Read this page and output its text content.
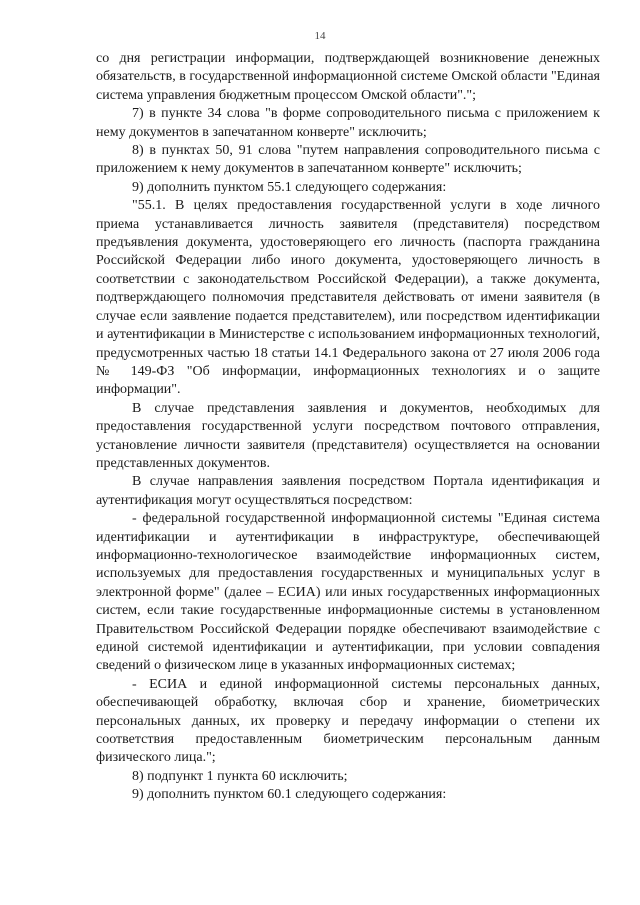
14

со дня регистрации информации, подтверждающей возникновение денежных обязательств, в государственной информационной системе Омской области "Единая система управления бюджетным процессом Омской области".";

7) в пункте 34 слова "в форме сопроводительного письма с приложением к нему документов в запечатанном конверте" исключить;

8) в пунктах 50, 91 слова "путем направления сопроводительного письма с приложением к нему документов в запечатанном конверте" исключить;

9) дополнить пунктом 55.1 следующего содержания:

"55.1. В целях предоставления государственной услуги в ходе личного приема устанавливается личность заявителя (представителя) посредством предъявления документа, удостоверяющего его личность (паспорта гражданина Российской Федерации либо иного документа, удостоверяющего личность в соответствии с законодательством Российской Федерации), а также документа, подтверждающего полномочия представителя действовать от имени заявителя (в случае если заявление подается представителем), или посредством идентификации и аутентификации в Министерстве с использованием информационных технологий, предусмотренных частью 18 статьи 14.1 Федерального закона от 27 июля 2006 года № 149-ФЗ "Об информации, информационных технологиях и о защите информации".

В случае представления заявления и документов, необходимых для предоставления государственной услуги посредством почтового отправления, установление личности заявителя (представителя) осуществляется на основании представленных документов.

В случае направления заявления посредством Портала идентификация и аутентификация могут осуществляться посредством:

- федеральной государственной информационной системы "Единая система идентификации и аутентификации в инфраструктуре, обеспечивающей информационно-технологическое взаимодействие информационных систем, используемых для предоставления государственных и муниципальных услуг в электронной форме" (далее – ЕСИА) или иных государственных информационных систем, если такие государственные информационные системы в установленном Правительством Российской Федерации порядке обеспечивают взаимодействие с единой системой идентификации и аутентификации, при условии совпадения сведений о физическом лице в указанных информационных системах;

- ЕСИА и единой информационной системы персональных данных, обеспечивающей обработку, включая сбор и хранение, биометрических персональных данных, их проверку и передачу информации о степени их соответствия предоставленным биометрическим персональным данным физического лица.";

8) подпункт 1 пункта 60 исключить;

9) дополнить пунктом 60.1 следующего содержания:
